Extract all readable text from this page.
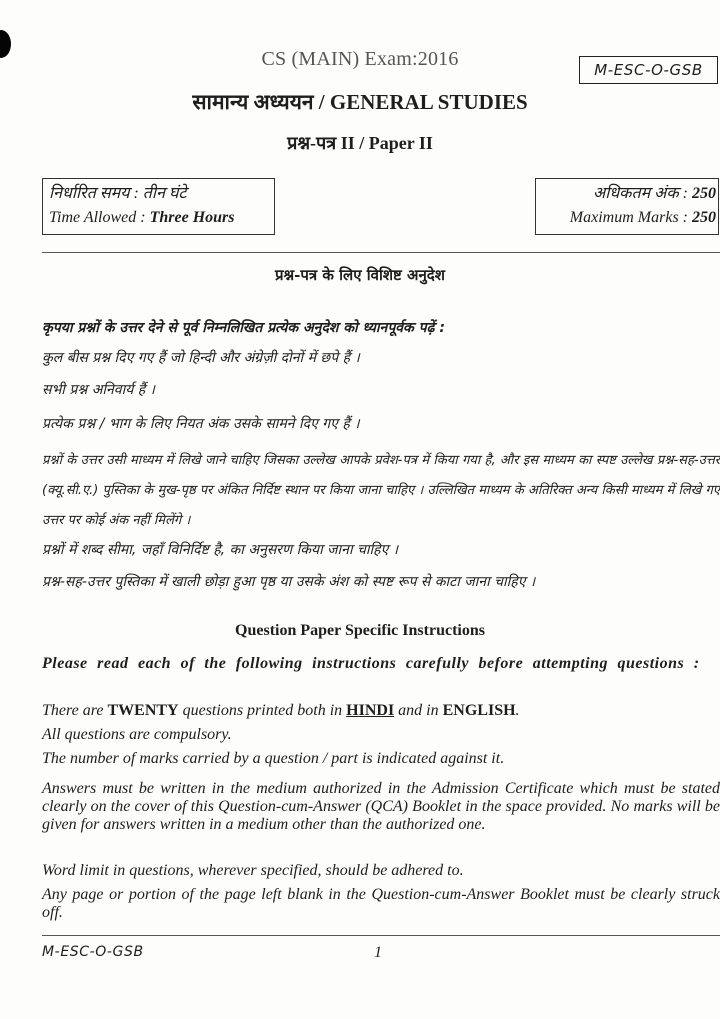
CS (MAIN) Exam:2016	M-ESC-O-GSB
सामान्य अध्ययन / GENERAL STUDIES
प्रश्न-पत्र II / Paper II
निर्धारित समय : तीन घंटे
Time Allowed : Three Hours
अधिकतम अंक : 250
Maximum Marks : 250
प्रश्न-पत्र के लिए विशिष्ट अनुदेश
कृपया प्रश्नों के उत्तर देने से पूर्व निम्नलिखित प्रत्येक अनुदेश को ध्यानपूर्वक पढ़ें :
कुल बीस प्रश्न दिए गए हैं जो हिन्दी और अंग्रेज़ी दोनों में छपे हैं ।
सभी प्रश्न अनिवार्य हैं ।
प्रत्येक प्रश्न / भाग के लिए नियत अंक उसके सामने दिए गए हैं ।
प्रश्नों के उत्तर उसी माध्यम में लिखे जाने चाहिए जिसका उल्लेख आपके प्रवेश-पत्र में किया गया है, और इस माध्यम का स्पष्ट उल्लेख प्रश्न-सह-उत्तर (क्यू.सी.ए.) पुस्तिका के मुख-पृष्ठ पर अंकित निर्दिष्ट स्थान पर किया जाना चाहिए । उल्लिखित माध्यम के अतिरिक्त अन्य किसी माध्यम में लिखे गए उत्तर पर कोई अंक नहीं मिलेंगे ।
प्रश्नों में शब्द सीमा, जहाँ विनिर्दिष्ट है, का अनुसरण किया जाना चाहिए ।
प्रश्न-सह-उत्तर पुस्तिका में खाली छोड़ा हुआ पृष्ठ या उसके अंश को स्पष्ट रूप से काटा जाना चाहिए ।
Question Paper Specific Instructions
Please read each of the following instructions carefully before attempting questions :
There are TWENTY questions printed both in HINDI and in ENGLISH.
All questions are compulsory.
The number of marks carried by a question / part is indicated against it.
Answers must be written in the medium authorized in the Admission Certificate which must be stated clearly on the cover of this Question-cum-Answer (QCA) Booklet in the space provided. No marks will be given for answers written in a medium other than the authorized one.
Word limit in questions, wherever specified, should be adhered to.
Any page or portion of the page left blank in the Question-cum-Answer Booklet must be clearly struck off.
M-ESC-O-GSB	1
